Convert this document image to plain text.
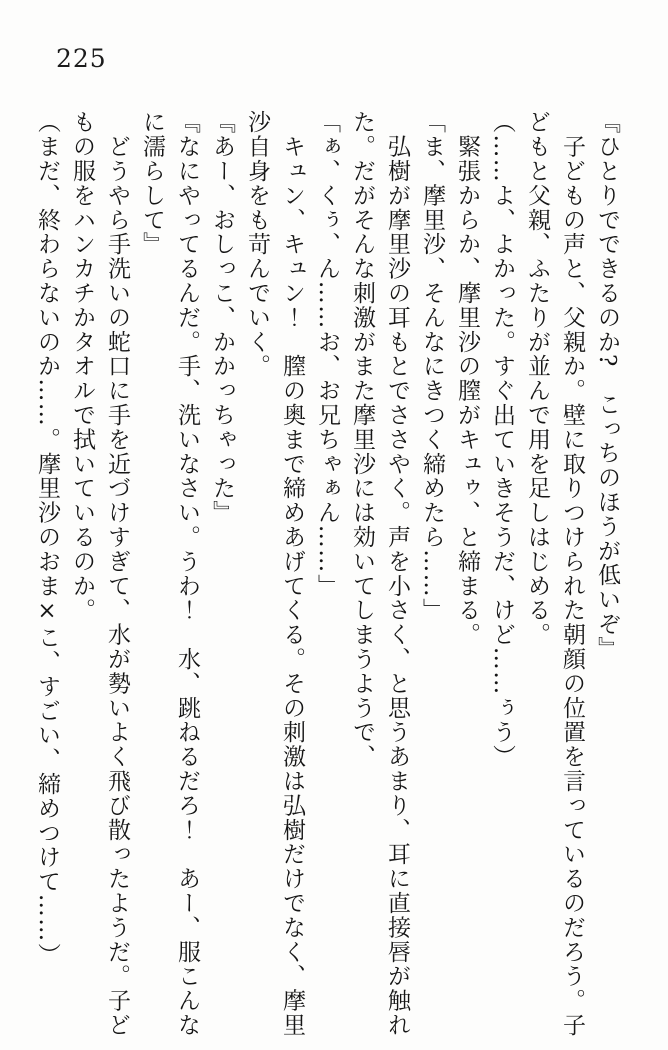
225

『ひとりでできるのか?　こっちのほうが低いぞ』

　子どもの声と、父親か。壁に取りつけられた朝顔の位置を言っているのだろう。子

どもと父親、ふたりが並んで用を足しはじめる。

（……よ、よかった。すぐ出ていきそうだ、けど……ぅう）

　緊張からか、摩里沙の膣がキュゥ、と締まる。

「ま、摩里沙、そんなにきつく締めたら……」

　弘樹が摩里沙の耳もとでささやく。声を小さく、と思うあまり、耳に直接唇が触れ

た。だがそんな刺激がまた摩里沙には効いてしまうようで、

「ぁ、くぅ、ん……お、お兄ちゃぁん……」

　キュン、キュン！　膣の奥まで締めあげてくる。その刺激は弘樹だけでなく、摩里

沙自身をも苛んでいく。

『あー、おしっこ、かかっちゃった』

『なにやってるんだ。手、洗いなさい。うわ！　水、跳ねるだろ！　あー、服こんな

に濡らして』

　どうやら手洗いの蛇口に手を近づけすぎて、水が勢いよく飛び散ったようだ。子ど

もの服をハンカチかタオルで拭いているのか。

（まだ、終わらないのか……。摩里沙のおま×こ、すごい、締めつけて……）
